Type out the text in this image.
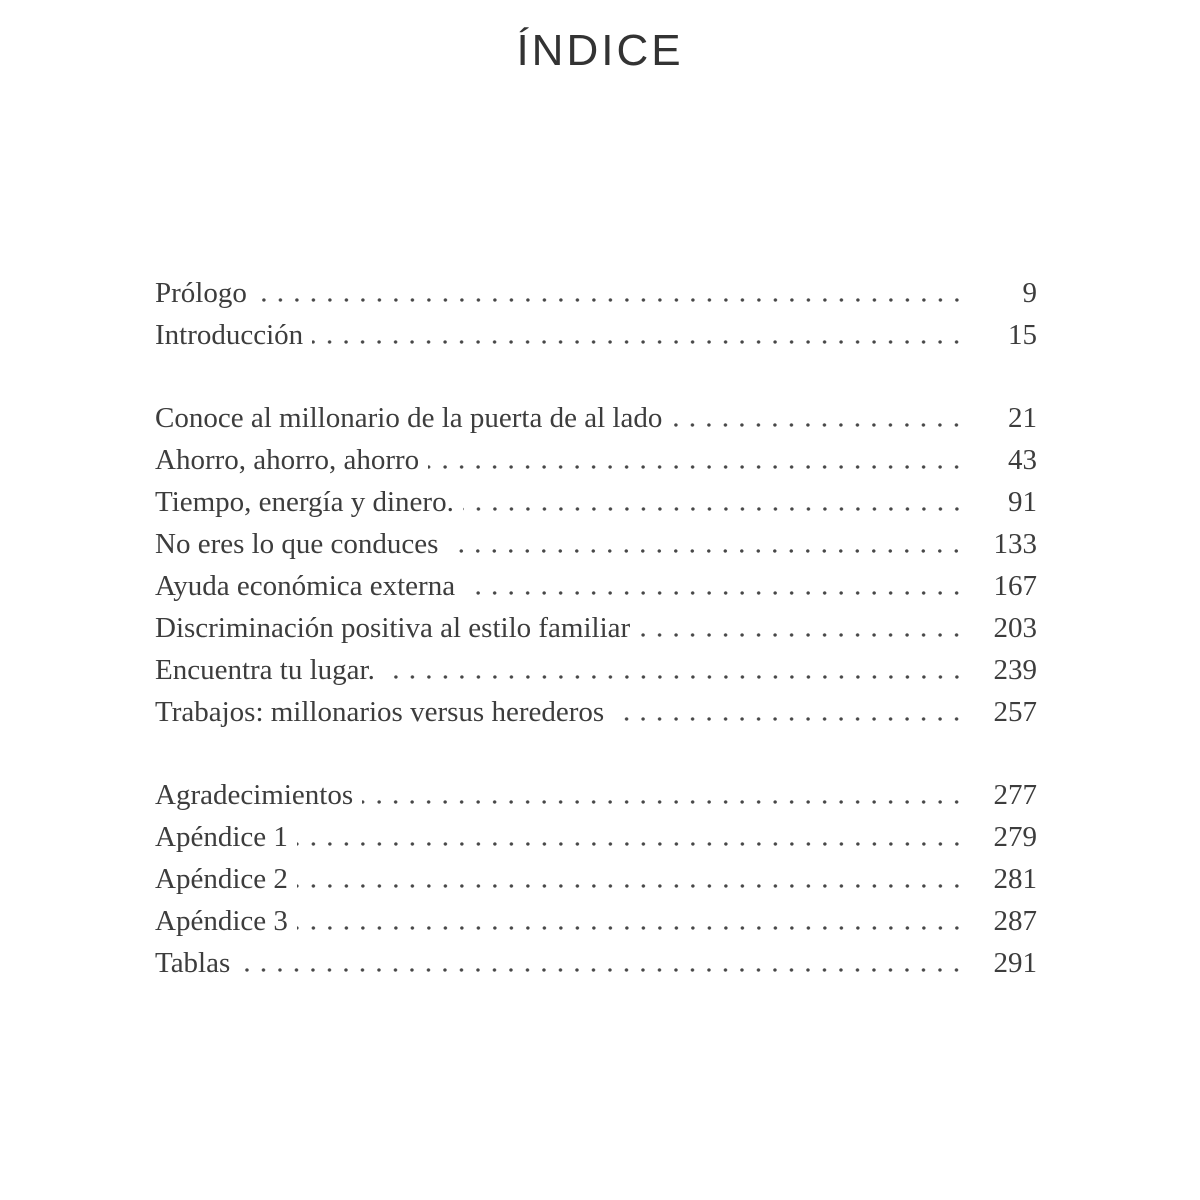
ÍNDICE
Prólogo	9
Introducción	15
Conoce al millonario de la puerta de al lado	21
Ahorro, ahorro, ahorro	43
Tiempo, energía y dinero.	91
No eres lo que conduces	133
Ayuda económica externa	167
Discriminación positiva al estilo familiar	203
Encuentra tu lugar.	239
Trabajos: millonarios versus herederos	257
Agradecimientos	277
Apéndice 1	279
Apéndice 2	281
Apéndice 3	287
Tablas	291
